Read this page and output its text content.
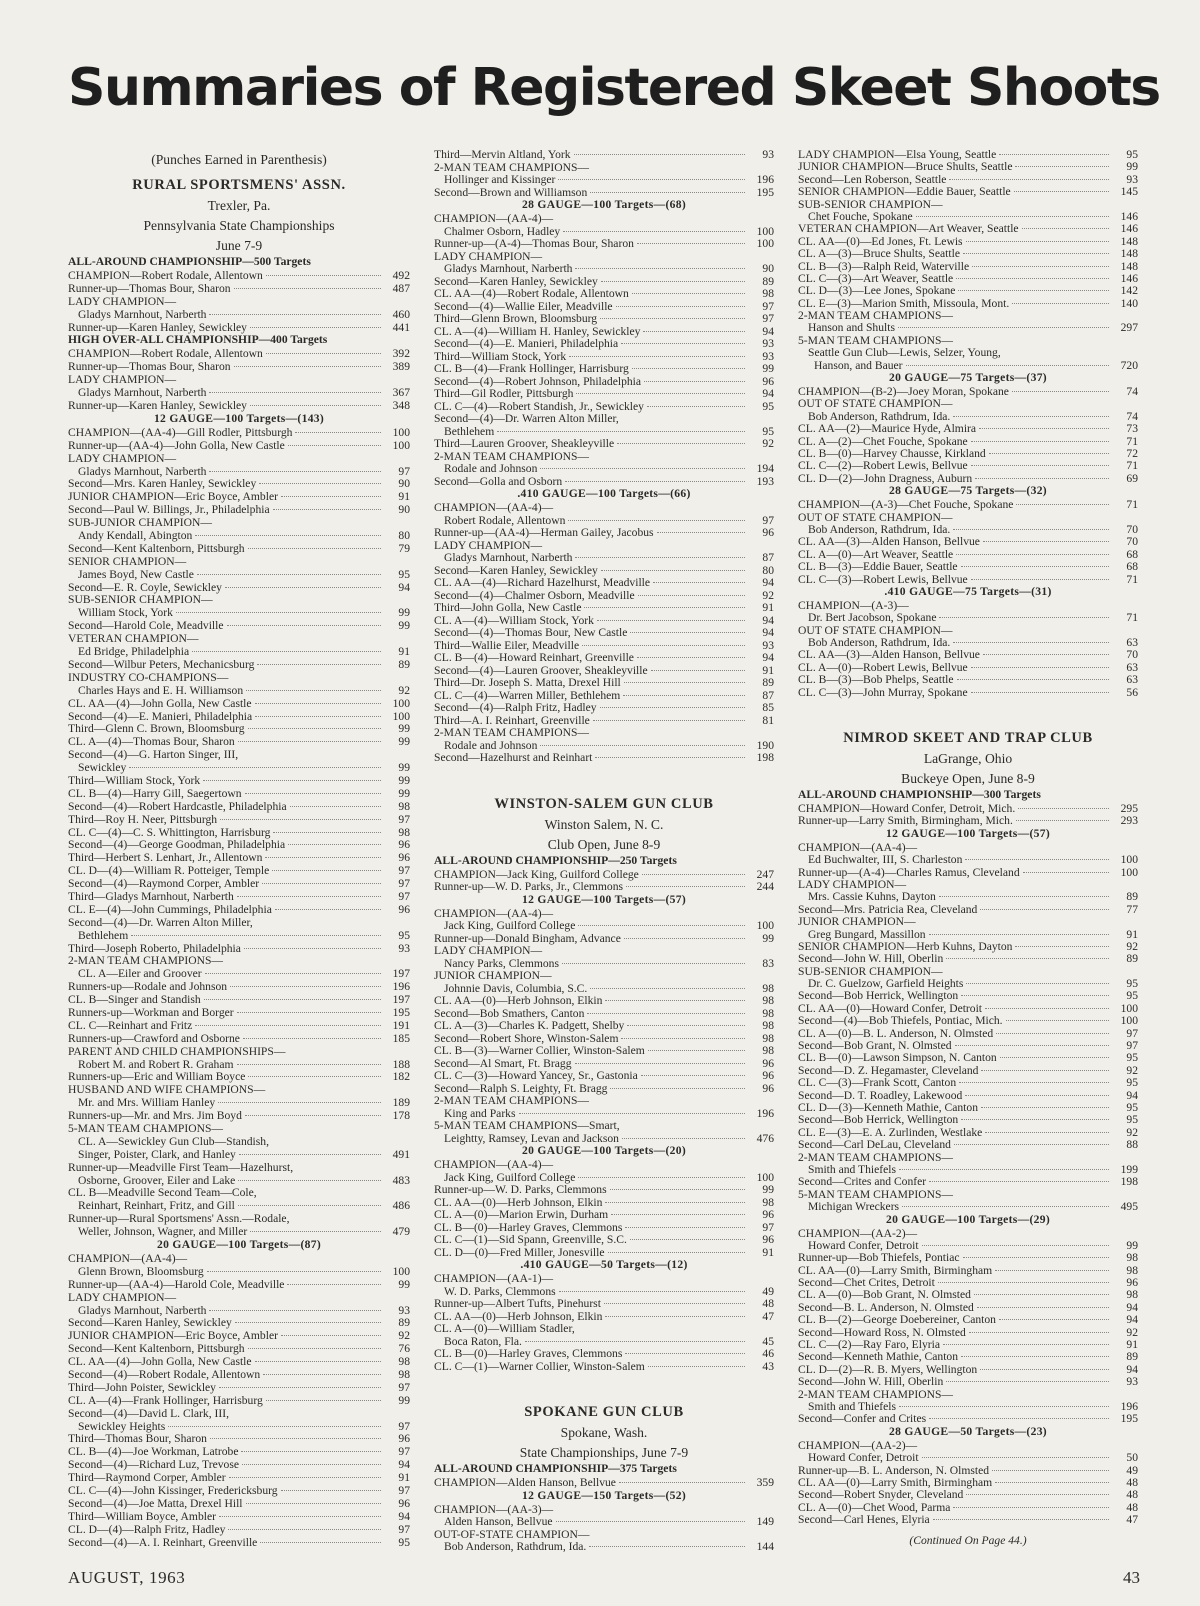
Summaries of Registered Skeet Shoots
(Punches Earned in Parenthesis)
RURAL SPORTSMENS' ASSN.
Trexler, Pa.
Pennsylvania State Championships
June 7-9
ALL-AROUND CHAMPIONSHIP—500 Targets
CHAMPION—Robert Rodale, Allentown	492
Runner-up—Thomas Bour, Sharon	487
LADY CHAMPION—
Gladys Marnhout, Narberth	460
Runner-up—Karen Hanley, Sewickley	441
HIGH OVER-ALL CHAMPIONSHIP—400 Targets
CHAMPION—Robert Rodale, Allentown	392
Runner-up—Thomas Bour, Sharon	389
LADY CHAMPION—
Gladys Marnhout, Narberth	367
Runner-up—Karen Hanley, Sewickley	348
12 GAUGE—100 Targets—(143)
CHAMPION—(AA-4)—Gill Rodler, Pittsburgh	100
Runner-up—(AA-4)—John Golla, New Castle	100
LADY CHAMPION—
Gladys Marnhout, Narberth	97
Second—Mrs. Karen Hanley, Sewickley	90
JUNIOR CHAMPION—Eric Boyce, Ambler	91
Second—Paul W. Billings, Jr., Philadelphia	90
SUB-JUNIOR CHAMPION—
Andy Kendall, Abington	80
Second—Kent Kaltenborn, Pittsburgh	79
SENIOR CHAMPION—
James Boyd, New Castle	95
Second—E. R. Coyle, Sewickley	94
SUB-SENIOR CHAMPION—
William Stock, York	99
Second—Harold Cole, Meadville	99
VETERAN CHAMPION—
Ed Bridge, Philadelphia	91
Second—Wilbur Peters, Mechanicsburg	89
INDUSTRY CO-CHAMPIONS—
Charles Hays and E. H. Williamson	92
CL. AA—(4)—John Golla, New Castle	100
Second—(4)—E. Manieri, Philadelphia	100
Third—Glenn C. Brown, Bloomsburg	99
CL. A—(4)—Thomas Bour, Sharon	99
Second—(4)—G. Harton Singer, III,
Sewickley	99
Third—William Stock, York	99
CL. B—(4)—Harry Gill, Saegertown	99
Second—(4)—Robert Hardcastle, Philadelphia	98
Third—Roy H. Neer, Pittsburgh	97
CL. C—(4)—C. S. Whittington, Harrisburg	98
Second—(4)—George Goodman, Philadelphia	96
Third—Herbert S. Lenhart, Jr., Allentown	96
CL. D—(4)—William R. Potteiger, Temple	97
Second—(4)—Raymond Corper, Ambler	97
Third—Gladys Marnhout, Narberth	97
CL. E—(4)—John Cummings, Philadelphia	96
Second—(4)—Dr. Warren Alton Miller,
Bethlehem	95
Third—Joseph Roberto, Philadelphia	93
2-MAN TEAM CHAMPIONS—
CL. A—Eiler and Groover	197
Runners-up—Rodale and Johnson	196
CL. B—Singer and Standish	197
Runners-up—Workman and Borger	195
CL. C—Reinhart and Fritz	191
Runners-up—Crawford and Osborne	185
PARENT AND CHILD CHAMPIONSHIPS—
Robert M. and Robert R. Graham	188
Runners-up—Eric and William Boyce	182
HUSBAND AND WIFE CHAMPIONS—
Mr. and Mrs. William Hanley	189
Runners-up—Mr. and Mrs. Jim Boyd	178
5-MAN TEAM CHAMPIONS—
CL. A—Sewickley Gun Club—Standish,
Singer, Poister, Clark, and Hanley	491
Runner-up—Meadville First Team—Hazelhurst,
Osborne, Groover, Eiler and Lake	483
CL. B—Meadville Second Team—Cole,
Reinhart, Reinhart, Fritz, and Gill	486
Runner-up—Rural Sportsmens' Assn.—Rodale,
Weller, Johnson, Wagner, and Miller	479
20 GAUGE—100 Targets—(87)
CHAMPION—(AA-4)—
Glenn Brown, Bloomsburg	100
Runner-up—(AA-4)—Harold Cole, Meadville	99
LADY CHAMPION—
Gladys Marnhout, Narberth	93
Second—Karen Hanley, Sewickley	89
JUNIOR CHAMPION—Eric Boyce, Ambler	92
Second—Kent Kaltenborn, Pittsburgh	76
CL. AA—(4)—John Golla, New Castle	98
Second—(4)—Robert Rodale, Allentown	98
Third—John Poister, Sewickley	97
CL. A—(4)—Frank Hollinger, Harrisburg	99
Second—(4)—David L. Clark, III,
Sewickley Heights	97
Third—Thomas Bour, Sharon	96
CL. B—(4)—Joe Workman, Latrobe	97
Second—(4)—Richard Luz, Trevose	94
Third—Raymond Corper, Ambler	91
CL. C—(4)—John Kissinger, Fredericksburg	97
Second—(4)—Joe Matta, Drexel Hill	96
Third—William Boyce, Ambler	94
CL. D—(4)—Ralph Fritz, Hadley	97
Second—(4)—A. I. Reinhart, Greenville	95
Third—Mervin Altland, York	93
2-MAN TEAM CHAMPIONS—
Hollinger and Kissinger	196
Second—Brown and Williamson	195
28 GAUGE—100 Targets—(68)
CHAMPION—(AA-4)—
Chalmer Osborn, Hadley	100
Runner-up—(A-4)—Thomas Bour, Sharon	100
LADY CHAMPION—
Gladys Marnhout, Narberth	90
Second—Karen Hanley, Sewickley	89
CL. AA—(4)—Robert Rodale, Allentown	98
Second—(4)—Wallie Eiler, Meadville	97
Third—Glenn Brown, Bloomsburg	97
CL. A—(4)—William H. Hanley, Sewickley	94
Second—(4)—E. Manieri, Philadelphia	93
Third—William Stock, York	93
CL. B—(4)—Frank Hollinger, Harrisburg	99
Second—(4)—Robert Johnson, Philadelphia	96
Third—Gil Rodler, Pittsburgh	94
CL. C—(4)—Robert Standish, Jr., Sewickley	95
Second—(4)—Dr. Warren Alton Miller,
Bethlehem	95
Third—Lauren Groover, Sheakleyville	92
2-MAN TEAM CHAMPIONS—
Rodale and Johnson	194
Second—Golla and Osborn	193
.410 GAUGE—100 Targets—(66)
CHAMPION—(AA-4)—
Robert Rodale, Allentown	97
Runner-up—(AA-4)—Herman Gailey, Jacobus	96
LADY CHAMPION—
Gladys Marnhout, Narberth	87
Second—Karen Hanley, Sewickley	80
CL. AA—(4)—Richard Hazelhurst, Meadville	94
Second—(4)—Chalmer Osborn, Meadville	92
Third—John Golla, New Castle	91
CL. A—(4)—William Stock, York	94
Second—(4)—Thomas Bour, New Castle	94
Third—Wallie Eiler, Meadville	93
CL. B—(4)—Howard Reinhart, Greenville	94
Second—(4)—Lauren Groover, Sheakleyville	91
Third—Dr. Joseph S. Matta, Drexel Hill	89
CL. C—(4)—Warren Miller, Bethlehem	87
Second—(4)—Ralph Fritz, Hadley	85
Third—A. I. Reinhart, Greenville	81
2-MAN TEAM CHAMPIONS—
Rodale and Johnson	190
Second—Hazelhurst and Reinhart	198
WINSTON-SALEM GUN CLUB
Winston Salem, N. C.
Club Open, June 8-9
ALL-AROUND CHAMPIONSHIP—250 Targets
CHAMPION—Jack King, Guilford College	247
Runner-up—W. D. Parks, Jr., Clemmons	244
12 GAUGE—100 Targets—(57)
CHAMPION—(AA-4)—
Jack King, Guilford College	100
Runner-up—Donald Bingham, Advance	99
LADY CHAMPION—
Nancy Parks, Clemmons	83
JUNIOR CHAMPION—
Johnnie Davis, Columbia, S.C.	98
CL. AA—(0)—Herb Johnson, Elkin	98
Second—Bob Smathers, Canton	98
CL. A—(3)—Charles K. Padgett, Shelby	98
Second—Robert Shore, Winston-Salem	98
CL. B—(3)—Warner Collier, Winston-Salem	98
Second—Al Smart, Ft. Bragg	96
CL. C—(3)—Howard Yancey, Sr., Gastonia	96
Second—Ralph S. Leighty, Ft. Bragg	96
2-MAN TEAM CHAMPIONS—
King and Parks	196
5-MAN TEAM CHAMPIONS—Smart,
Leightty, Ramsey, Levan and Jackson	476
20 GAUGE—100 Targets—(20)
CHAMPION—(AA-4)—
Jack King, Guilford College	100
Runner-up—W. D. Parks, Clemmons	99
CL. AA—(0)—Herb Johnson, Elkin	98
CL. A—(0)—Marion Erwin, Durham	96
CL. B—(0)—Harley Graves, Clemmons	97
CL. C—(1)—Sid Spann, Greenville, S.C.	96
CL. D—(0)—Fred Miller, Jonesville	91
.410 GAUGE—50 Targets—(12)
CHAMPION—(AA-1)—
W. D. Parks, Clemmons	49
Runner-up—Albert Tufts, Pinehurst	48
CL. AA—(0)—Herb Johnson, Elkin	47
CL. A—(0)—William Stadler,
Boca Raton, Fla.	45
CL. B—(0)—Harley Graves, Clemmons	46
CL. C—(1)—Warner Collier, Winston-Salem	43
SPOKANE GUN CLUB
Spokane, Wash.
State Championships, June 7-9
ALL-AROUND CHAMPIONSHIP—375 Targets
CHAMPION—Alden Hanson, Bellvue	359
12 GAUGE—150 Targets—(52)
CHAMPION—(AA-3)—
Alden Hanson, Bellvue	149
OUT-OF-STATE CHAMPION—
Bob Anderson, Rathdrum, Ida.	144
LADY CHAMPION—Elsa Young, Seattle	95
JUNIOR CHAMPION—Bruce Shults, Seattle	99
Second—Len Roberson, Seattle	93
SENIOR CHAMPION—Eddie Bauer, Seattle	145
SUB-SENIOR CHAMPION—
Chet Fouche, Spokane	146
VETERAN CHAMPION—Art Weaver, Seattle	146
CL. AA—(0)—Ed Jones, Ft. Lewis	148
CL. A—(3)—Bruce Shults, Seattle	148
CL. B—(3)—Ralph Reid, Waterville	148
CL. C—(3)—Art Weaver, Seattle	146
CL. D—(3)—Lee Jones, Spokane	142
CL. E—(3)—Marion Smith, Missoula, Mont.	140
2-MAN TEAM CHAMPIONS—
Hanson and Shults	297
5-MAN TEAM CHAMPIONS—
Seattle Gun Club—Lewis, Selzer, Young,
Hanson, and Bauer	720
20 GAUGE—75 Targets—(37)
CHAMPION—(B-2)—Joey Moran, Spokane	74
OUT OF STATE CHAMPION—
Bob Anderson, Rathdrum, Ida.	74
CL. AA—(2)—Maurice Hyde, Almira	73
CL. A—(2)—Chet Fouche, Spokane	71
CL. B—(0)—Harvey Chausse, Kirkland	72
CL. C—(2)—Robert Lewis, Bellvue	71
CL. D—(2)—John Dragness, Auburn	69
28 GAUGE—75 Targets—(32)
CHAMPION—(A-3)—Chet Fouche, Spokane	71
OUT OF STATE CHAMPION—
Bob Anderson, Rathdrum, Ida.	70
CL. AA—(3)—Alden Hanson, Bellvue	70
CL. A—(0)—Art Weaver, Seattle	68
CL. B—(3)—Eddie Bauer, Seattle	68
CL. C—(3)—Robert Lewis, Bellvue	71
.410 GAUGE—75 Targets—(31)
CHAMPION—(A-3)—
Dr. Bert Jacobson, Spokane	71
OUT OF STATE CHAMPION—
Bob Anderson, Rathdrum, Ida.	63
CL. AA—(3)—Alden Hanson, Bellvue	70
CL. A—(0)—Robert Lewis, Bellvue	63
CL. B—(3)—Bob Phelps, Seattle	63
CL. C—(3)—John Murray, Spokane	56
NIMROD SKEET AND TRAP CLUB
LaGrange, Ohio
Buckeye Open, June 8-9
ALL-AROUND CHAMPIONSHIP—300 Targets
CHAMPION—Howard Confer, Detroit, Mich.	295
Runner-up—Larry Smith, Birmingham, Mich.	293
12 GAUGE—100 Targets—(57)
CHAMPION—(AA-4)—
Ed Buchwalter, III, S. Charleston	100
Runner-up—(A-4)—Charles Ramus, Cleveland	100
LADY CHAMPION—
Mrs. Cassie Kuhns, Dayton	89
Second—Mrs. Patricia Rea, Cleveland	77
JUNIOR CHAMPION—
Greg Bungard, Massillon	91
SENIOR CHAMPION—Herb Kuhns, Dayton	92
Second—John W. Hill, Oberlin	89
SUB-SENIOR CHAMPION—
Dr. C. Guelzow, Garfield Heights	95
Second—Bob Herrick, Wellington	95
CL. AA—(0)—Howard Confer, Detroit	100
Second—(4)—Bob Thiefels, Pontiac, Mich.	100
CL. A—(0)—B. L. Anderson, N. Olmsted	97
Second—Bob Grant, N. Olmsted	97
CL. B—(0)—Lawson Simpson, N. Canton	95
Second—D. Z. Hegamaster, Cleveland	92
CL. C—(3)—Frank Scott, Canton	95
Second—D. T. Roadley, Lakewood	94
CL. D—(3)—Kenneth Mathie, Canton	95
Second—Bob Herrick, Wellington	95
CL. E—(3)—E. A. Zurlinden, Westlake	92
Second—Carl DeLau, Cleveland	88
2-MAN TEAM CHAMPIONS—
Smith and Thiefels	199
Second—Crites and Confer	198
5-MAN TEAM CHAMPIONS—
Michigan Wreckers	495
20 GAUGE—100 Targets—(29)
CHAMPION—(AA-2)—
Howard Confer, Detroit	99
Runner-up—Bob Thiefels, Pontiac	98
CL. AA—(0)—Larry Smith, Birmingham	98
Second—Chet Crites, Detroit	96
CL. A—(0)—Bob Grant, N. Olmsted	98
Second—B. L. Anderson, N. Olmsted	94
CL. B—(2)—George Doebereiner, Canton	94
Second—Howard Ross, N. Olmsted	92
CL. C—(2)—Ray Faro, Elyria	91
Second—Kenneth Mathie, Canton	89
CL. D—(2)—R. B. Myers, Wellington	94
Second—John W. Hill, Oberlin	93
2-MAN TEAM CHAMPIONS—
Smith and Thiefels	196
Second—Confer and Crites	195
28 GAUGE—50 Targets—(23)
CHAMPION—(AA-2)—
Howard Confer, Detroit	50
Runner-up—B. L. Anderson, N. Olmsted	49
CL. AA—(0)—Larry Smith, Birmingham	48
Second—Robert Snyder, Cleveland	48
CL. A—(0)—Chet Wood, Parma	48
Second—Carl Henes, Elyria	47
(Continued On Page 44.)
AUGUST, 1963	43
